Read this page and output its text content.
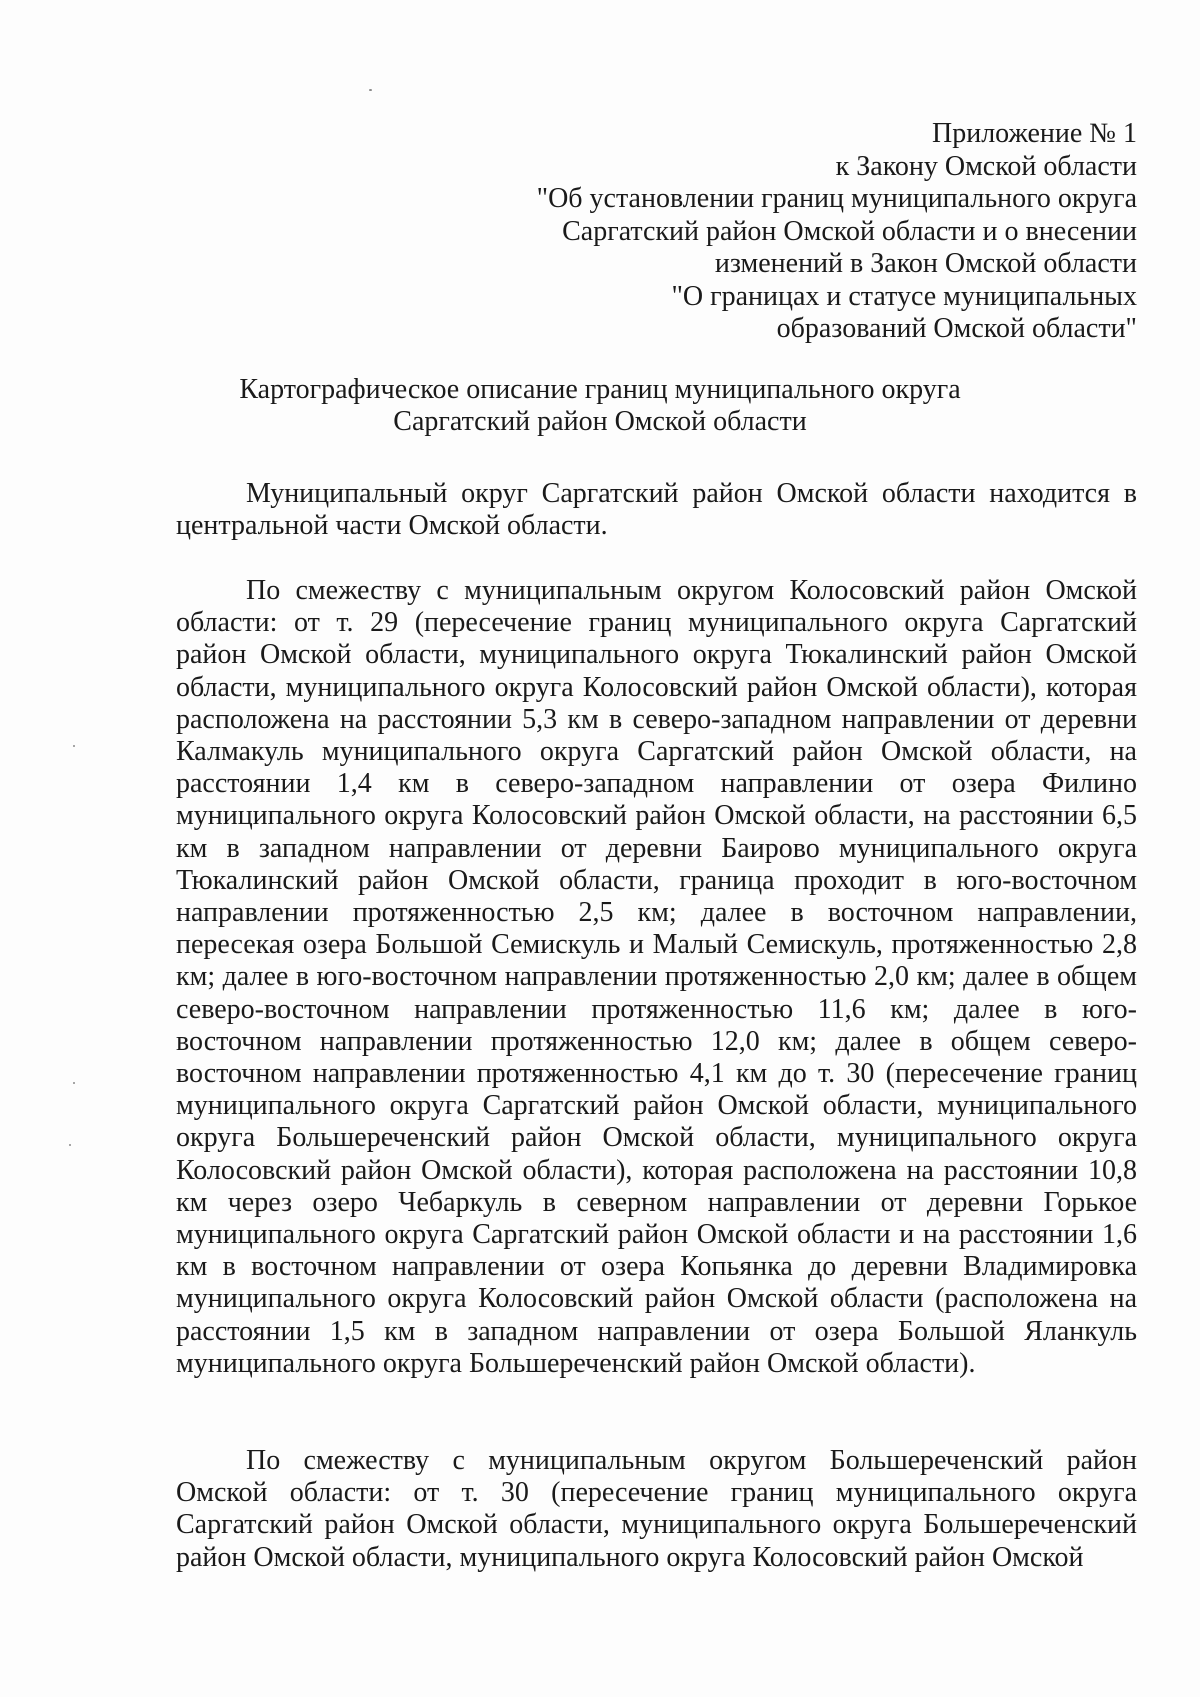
Приложение № 1
к Закону Омской области
"Об установлении границ муниципального округа
Саргатский район Омской области и о внесении
изменений в Закон Омской области
"О границах и статусе муниципальных
образований Омской области"
Картографическое описание границ муниципального округа
Саргатский район Омской области

Муниципальный округ Саргатский район Омской области находится в центральной части Омской области.

По смежеству с муниципальным округом Колосовский район Омской области: от т. 29 (пересечение границ муниципального округа Саргатский район Омской области, муниципального округа Тюкалинский район Омской области, муниципального округа Колосовский район Омской области), которая расположена на расстоянии 5,3 км в северо-западном направлении от деревни Калмакуль муниципального округа Саргатский район Омской области, на расстоянии 1,4 км в северо-западном направлении от озера Филино муниципального округа Колосовский район Омской области, на расстоянии 6,5 км в западном направлении от деревни Баирово муниципального округа Тюкалинский район Омской области, граница проходит в юго-восточном направлении протяженностью 2,5 км; далее в восточном направлении, пересекая озера Большой Семискуль и Малый Семискуль, протяженностью 2,8 км; далее в юго-восточном направлении протяженностью 2,0 км; далее в общем северо-восточном направлении протяженностью 11,6 км; далее в юго-восточном направлении протяженностью 12,0 км; далее в общем северо-восточном направлении протяженностью 4,1 км до т. 30 (пересечение границ муниципального округа Саргатский район Омской области, муниципального округа Большереченский район Омской области, муниципального округа Колосовский район Омской области), которая расположена на расстоянии 10,8 км через озеро Чебаркуль в северном направлении от деревни Горькое муниципального округа Саргатский район Омской области и на расстоянии 1,6 км в восточном направлении от озера Копьянка до деревни Владимировка муниципального округа Колосовский район Омской области (расположена на расстоянии 1,5 км в западном направлении от озера Большой Яланкуль муниципального округа Большереченский район Омской области).

По смежеству с муниципальным округом Большереченский район Омской области: от т. 30 (пересечение границ муниципального округа Саргатский район Омской области, муниципального округа Большереченский район Омской области, муниципального округа Колосовский район Омской
